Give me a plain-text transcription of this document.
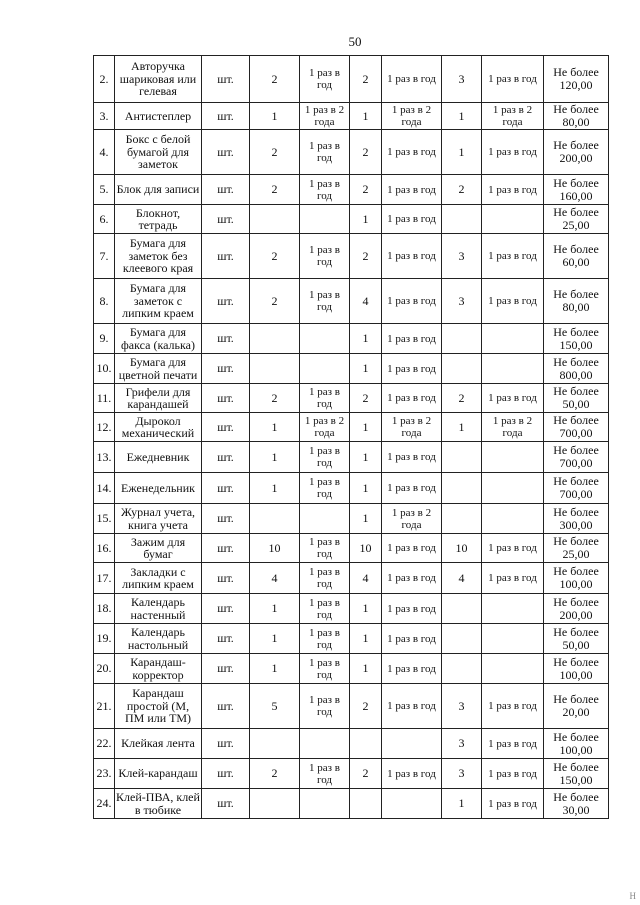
50
2.	Авторучка шариковая или гелевая	шт.	2	1 раз в год	2	1 раз в год	3	1 раз в год	Не более 120,00
3.	Антистеплер	шт.	1	1 раз в 2 года	1	1 раз в 2 года	1	1 раз в 2 года	Не более 80,00
4.	Бокс с белой бумагой для заметок	шт.	2	1 раз в год	2	1 раз в год	1	1 раз в год	Не более 200,00
5.	Блок для записи	шт.	2	1 раз в год	2	1 раз в год	2	1 раз в год	Не более 160,00
6.	Блокнот, тетрадь	шт.			1	1 раз в год			Не более 25,00
7.	Бумага для заметок без клеевого края	шт.	2	1 раз в год	2	1 раз в год	3	1 раз в год	Не более 60,00
8.	Бумага для заметок с липким краем	шт.	2	1 раз в год	4	1 раз в год	3	1 раз в год	Не более 80,00
9.	Бумага для факса (калька)	шт.			1	1 раз в год			Не более 150,00
10.	Бумага для цветной печати	шт.			1	1 раз в год			Не более 800,00
11.	Грифели для карандашей	шт.	2	1 раз в год	2	1 раз в год	2	1 раз в год	Не более 50,00
12.	Дырокол механический	шт.	1	1 раз в 2 года	1	1 раз в 2 года	1	1 раз в 2 года	Не более 700,00
13.	Ежедневник	шт.	1	1 раз в год	1	1 раз в год			Не более 700,00
14.	Еженедельник	шт.	1	1 раз в год	1	1 раз в год			Не более 700,00
15.	Журнал учета, книга учета	шт.			1	1 раз в 2 года			Не более 300,00
16.	Зажим для бумаг	шт.	10	1 раз в год	10	1 раз в год	10	1 раз в год	Не более 25,00
17.	Закладки с липким краем	шт.	4	1 раз в год	4	1 раз в год	4	1 раз в год	Не более 100,00
18.	Календарь настенный	шт.	1	1 раз в год	1	1 раз в год			Не более 200,00
19.	Календарь настольный	шт.	1	1 раз в год	1	1 раз в год			Не более 50,00
20.	Карандаш-корректор	шт.	1	1 раз в год	1	1 раз в год			Не более 100,00
21.	Карандаш простой (М, ПМ или ТМ)	шт.	5	1 раз в год	2	1 раз в год	3	1 раз в год	Не более 20,00
22.	Клейкая лента	шт.					3	1 раз в год	Не более 100,00
23.	Клей-карандаш	шт.	2	1 раз в год	2	1 раз в год	3	1 раз в год	Не более 150,00
24.	Клей-ПВА, клей в тюбике	шт.					1	1 раз в год	Не более 30,00
Н
